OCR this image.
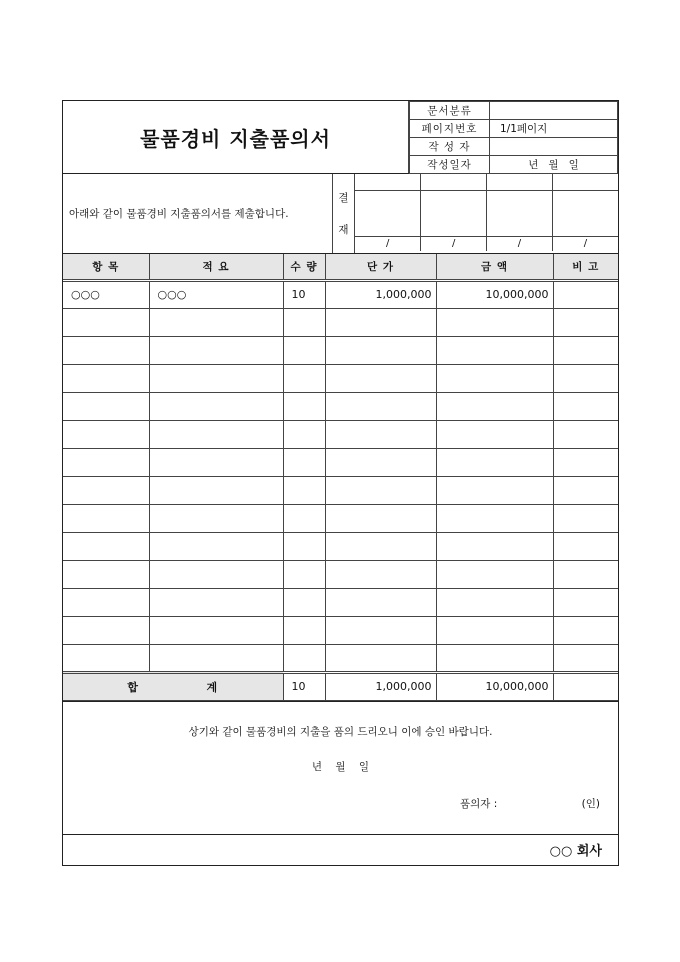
물품경비 지출품의서
문서분류	
페이지번호	1/1페이지
작 성 자	
작성일자	년   월   일
아래와 같이 물품경비 지출품의서를 제출합니다.
결
재

/	/	/	/
항 목	적 요	수 량	단 가	금 액	비 고
○○○	○○○	10	1,000,000	10,000,000	

합              계		10	1,000,000	10,000,000	
상기와 같이 물품경비의 지출을 품의 드리오니 이에 승인 바랍니다.
년    월    일
품의자 :	(인)
○○ 회사
